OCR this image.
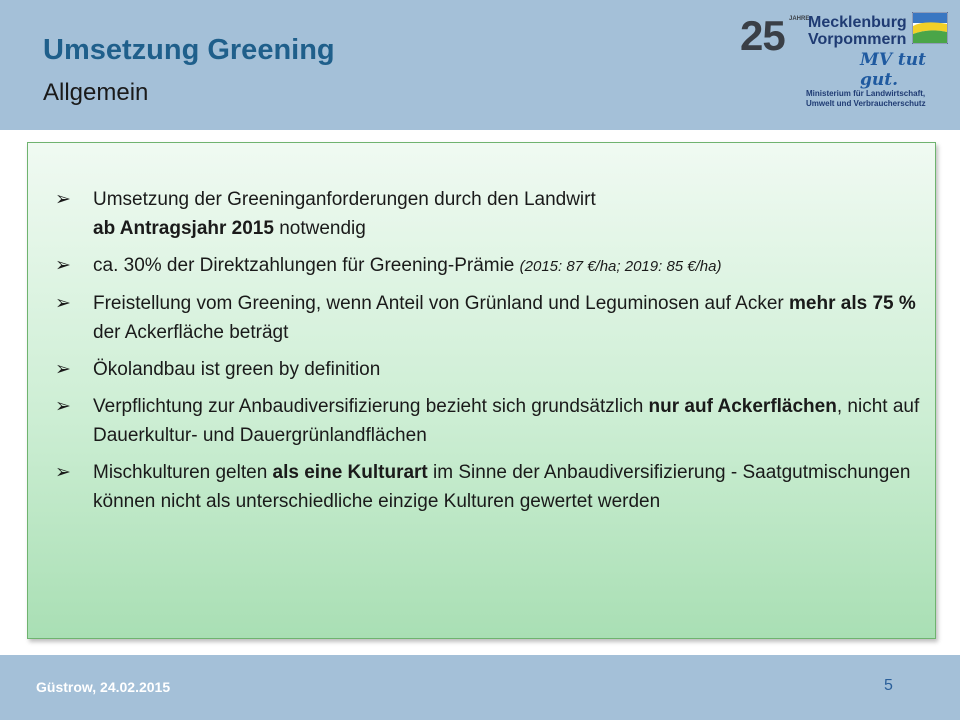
Umsetzung Greening
Allgemein
25 JAHRE
Mecklenburg
Vorpommern
MV tut gut.
Ministerium für Landwirtschaft,
Umwelt und Verbraucherschutz
➢ Umsetzung der Greeninganforderungen durch den Landwirt
ab Antragsjahr 2015 notwendig
➢ ca. 30% der Direktzahlungen für Greening-Prämie (2015: 87 €/ha; 2019: 85 €/ha)
➢ Freistellung vom Greening, wenn Anteil von Grünland und Leguminosen auf Acker mehr als 75 % der Ackerfläche beträgt
➢ Ökolandbau ist green by definition
➢ Verpflichtung zur Anbaudiversifizierung bezieht sich grundsätzlich nur auf Ackerflächen, nicht auf Dauerkultur- und Dauergrünlandflächen
➢ Mischkulturen gelten als eine Kulturart im Sinne der Anbaudiversifizierung - Saatgutmischungen können nicht als unterschiedliche einzige Kulturen gewertet werden
Güstrow, 24.02.2015	5
